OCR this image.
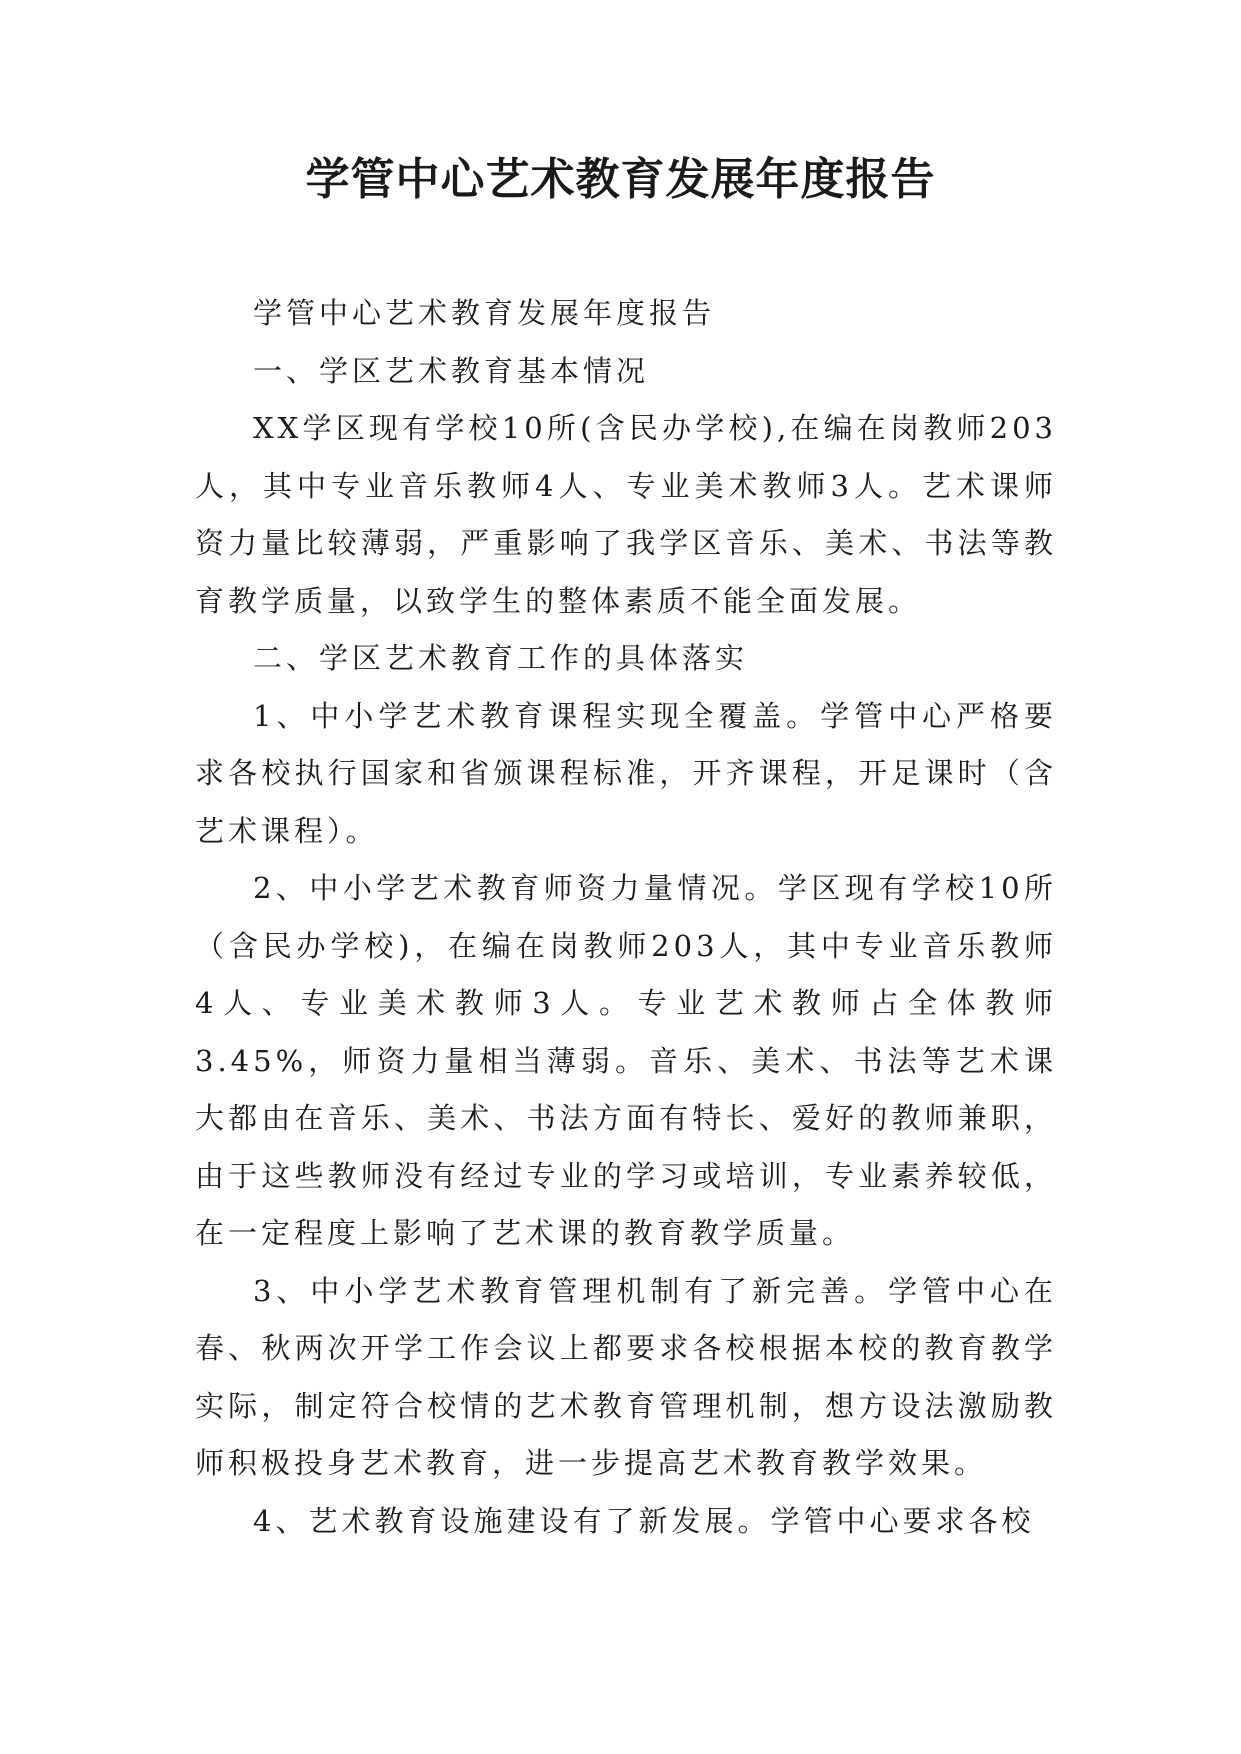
学管中心艺术教育发展年度报告

学管中心艺术教育发展年度报告

一、学区艺术教育基本情况

XX学区现有学校10所(含民办学校),在编在岗教师203人，其中专业音乐教师4人、专业美术教师3人。艺术课师资力量比较薄弱，严重影响了我学区音乐、美术、书法等教育教学质量，以致学生的整体素质不能全面发展。

二、学区艺术教育工作的具体落实

1、中小学艺术教育课程实现全覆盖。学管中心严格要求各校执行国家和省颁课程标准，开齐课程，开足课时（含艺术课程）。

2、中小学艺术教育师资力量情况。学区现有学校10所（含民办学校)，在编在岗教师203人，其中专业音乐教师4人、专业美术教师3人。专业艺术教师占全体教师3.45%，师资力量相当薄弱。音乐、美术、书法等艺术课大都由在音乐、美术、书法方面有特长、爱好的教师兼职，由于这些教师没有经过专业的学习或培训，专业素养较低，在一定程度上影响了艺术课的教育教学质量。

3、中小学艺术教育管理机制有了新完善。学管中心在春、秋两次开学工作会议上都要求各校根据本校的教育教学实际，制定符合校情的艺术教育管理机制，想方设法激励教师积极投身艺术教育，进一步提高艺术教育教学效果。

4、艺术教育设施建设有了新发展。学管中心要求各校
